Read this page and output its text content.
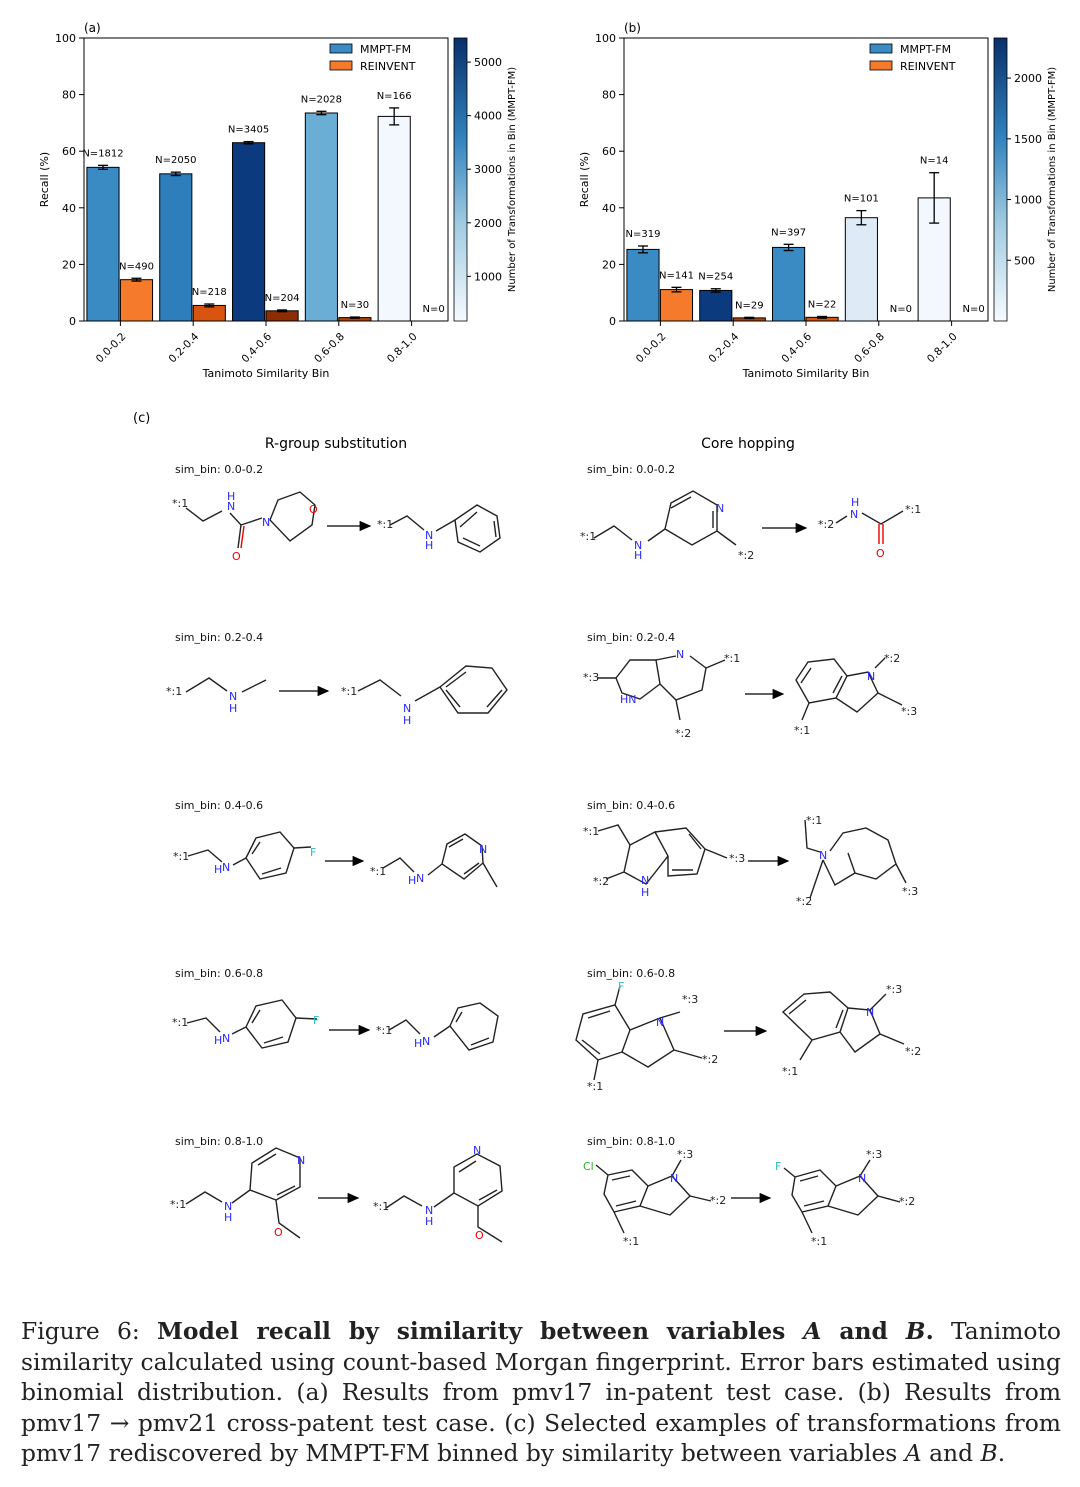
(a)
0
20
40
60
80
100
Recall (%)
0.0-0.2	0.2-0.4	0.4-0.6	0.6-0.8	0.8-1.0
Tanimoto Similarity Bin
N=1812
N=2050
N=3405
N=2028	N=166
N=490
N=218
N=204
N=30	N=0
MMPT-FM
REINVENT
1000
2000
3000
4000
5000
Number of Transformations in Bin (MMPT-FM)
(b)
0
20
40
60
80
100
Recall (%)
0.0-0.2	0.2-0.4	0.4-0.6	0.6-0.8	0.8-1.0
Tanimoto Similarity Bin
N=319
N=254
N=397
N=101
N=14
N=141
N=29	N=22	N=0	N=0
MMPT-FM
REINVENT
500
1000
1500
2000 Number of Transformations in Bin (MMPT-FM)
(c)
R-group substitution	Core hopping
sim_bin: 0.0-0.2	sim_bin: 0.0-0.2
sim_bin: 0.2-0.4	sim_bin: 0.2-0.4
sim_bin: 0.4-0.6	sim_bin: 0.4-0.6
sim_bin: 0.6-0.8	sim_bin: 0.6-0.8
sim_bin: 0.8-1.0	sim_bin: 0.8-1.0
*:1	N
H
N
O
O
*:1
N
H
*:1
N
H
N
*:2
*:2
N
H
O
*:1
*:1	N
H
*:1
N
H
*:3
HN
N	*:1
*:2
N
*:2
*:3
*:1
*:1
N
H
F
*:1
N
H
N
*:1
*:3
*:2	N
H
*:1
N
*:3
*:2
*:1
N
H
F
*:1
N
H
F
N
*:3
*:2
*:1
N
*:3
*:2
*:1
*:1	N
H
N
O
*:1	N
H
N
O
Cl
N
*:3
*:2
*:1
F
N
*:3
*:2
*:1
Figure 6: Model recall by similarity between variables A and B. Tanimoto similarity calculated using count-based Morgan fingerprint. Error bars estimated using binomial distribution. (a) Results from pmv17 in-patent test case. (b) Results from pmv17 → pmv21 cross-patent test case. (c) Selected examples of transformations from pmv17 rediscovered by MMPT-FM binned by similarity between variables A and B.
